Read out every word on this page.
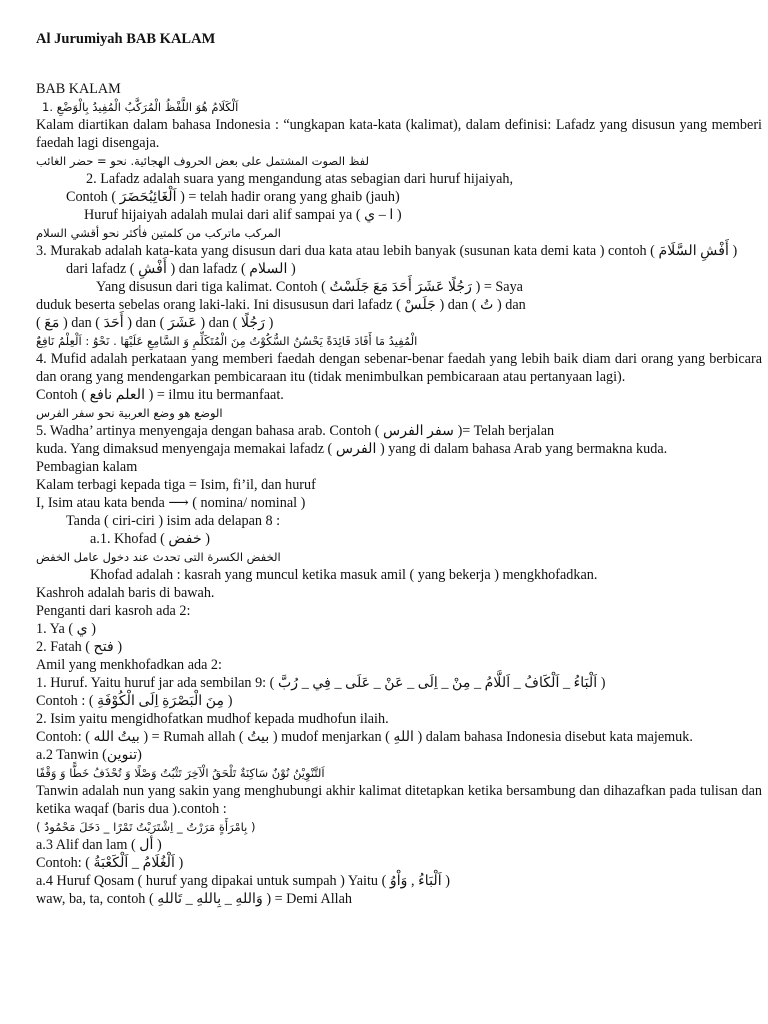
Al Jurumiyah BAB KALAM

BAB KALAM

1. اَلْكَلَامُ هُوَ اللَّفْظُ الْمُرَكَّبُ الْمُفِيدُ بِالْوَضْعِ

Kalam diartikan dalam bahasa Indonesia : “ungkapan kata-kata (kalimat), dalam definisi: Lafadz yang disusun yang memberi faedah lagi disengaja.

لفظ الصوت المشتمل على بعض الحروف الهجائية. نحو = حضر الغائب

2. Lafadz adalah suara yang mengandung atas sebagian dari huruf hijaiyah,

Contoh ( اَلْغَائِبُحَضَرَ ) = telah hadir orang yang ghaib (jauh)

Huruf hijaiyah adalah mulai dari alif sampai ya ( ا – ي )

المركب ماتركب من كلمتين فأكثر نحو أقشي السلام

3. Murakab adalah kata-kata yang disusun dari dua kata atau lebih banyak (susunan kata demi kata ) contoh ( أَفْشِ السَّلَامَ )

dari lafadz ( أَفْشِ ) dan lafadz ( السلام )

Yang disusun dari tiga kalimat. Contoh ( رَجُلًا عَشَرَ أَحَدَ مَعَ جَلَسْتُ ) = Saya

duduk beserta sebelas orang laki-laki. Ini disususun dari lafadz ( جَلَسْ ) dan ( تُ ) dan

( مَعَ ) dan ( أَحَدَ ) dan ( عَشَرَ ) dan ( رَجُلًا )

الْمُفِيدُ مَا أَفَادَ فَائِدَةً يَحْسُنُ السُّكُوْتُ مِنَ الْمُتَكَلِّمِ وَ السَّامِعِ عَلَيْهَا . نَحْوُ : اَلْعِلْمُ نَافِعٌ

4. Mufid adalah perkataan yang memberi faedah dengan sebenar-benar faedah yang lebih baik diam dari orang yang berbicara dan orang yang mendengarkan pembicaraan itu (tidak menimbulkan pembicaraan atau pertanyaan lagi).

Contoh ( العلم نافع ) = ilmu itu bermanfaat.

الوضع هو وضع العربية نحو سفر الفرس

5. Wadha’ artinya menyengaja dengan bahasa arab. Contoh ( سفر الفرس )= Telah berjalan

kuda. Yang dimaksud menyengaja memakai lafadz ( الفرس ) yang di dalam bahasa Arab yang bermakna kuda.

Pembagian kalam

Kalam terbagi kepada tiga = Isim, fi’il, dan huruf

I, Isim atau kata benda ⟶ ( nomina/ nominal )

Tanda ( ciri-ciri ) isim ada delapan 8 :

a.1. Khofad ( خفض )

الخفض الكسرة التى تحدث عند دخول عامل الخفض

Khofad adalah : kasrah yang muncul ketika masuk amil ( yang bekerja ) mengkhofadkan.

Kashroh adalah baris di bawah.

Penganti dari kasroh ada 2:

1. Ya ( ي )

2. Fatah ( فتح )

Amil yang menkhofadkan ada 2:

1. Huruf. Yaitu huruf jar ada sembilan 9: ( اَلْبَاءُ _ اَلْكَافُ _ اَللَّامُ _ مِنْ _ اِلَى _ عَنْ _ عَلَى _ فِي _ رُبَّ )

Contoh : ( مِنَ الْبَصْرَةِ اِلَى الْكُوْفَةِ )

2. Isim yaitu mengidhofatkan mudhof kepada mudhofun ilaih.

Contoh: ( بيتُ الله ) = Rumah allah ( بيتُ ) mudof menjarkan ( اللهِ ) dalam bahasa Indonesia disebut kata majemuk.

a.2 Tanwin (تنوين)

اَلتَّنْوِيْنُ نُوْنٌ سَاكِنَةٌ تَلْحَقُ الْآخِرَ تَثْبُتُ وَصْلًا وَ تُحْذَفُ خَطًّا وَ وَقْفًا

Tanwin adalah nun yang sakin yang menghubungi akhir kalimat ditetapkan ketika bersambung dan dihazafkan pada tulisan dan ketika waqaf (baris dua ).contoh :

( بِامْرَأَةٍ مَرَرْتُ _ اِشْتَرَيْتُ تَمْرًا _ دَخَلَ مَحْمُودٌ )

a.3 Alif dan lam ( أل )

Contoh: ( اَلْغُلَامُ _ اَلْكَعْبَةُ )

a.4 Huruf Qosam ( huruf yang dipakai untuk sumpah ) Yaitu ( اَلْبَاءُ , وَاْوُ )

waw, ba, ta, contoh ( وَاللهِ _ بِاللهِ _ تَاللهِ ) = Demi Allah
